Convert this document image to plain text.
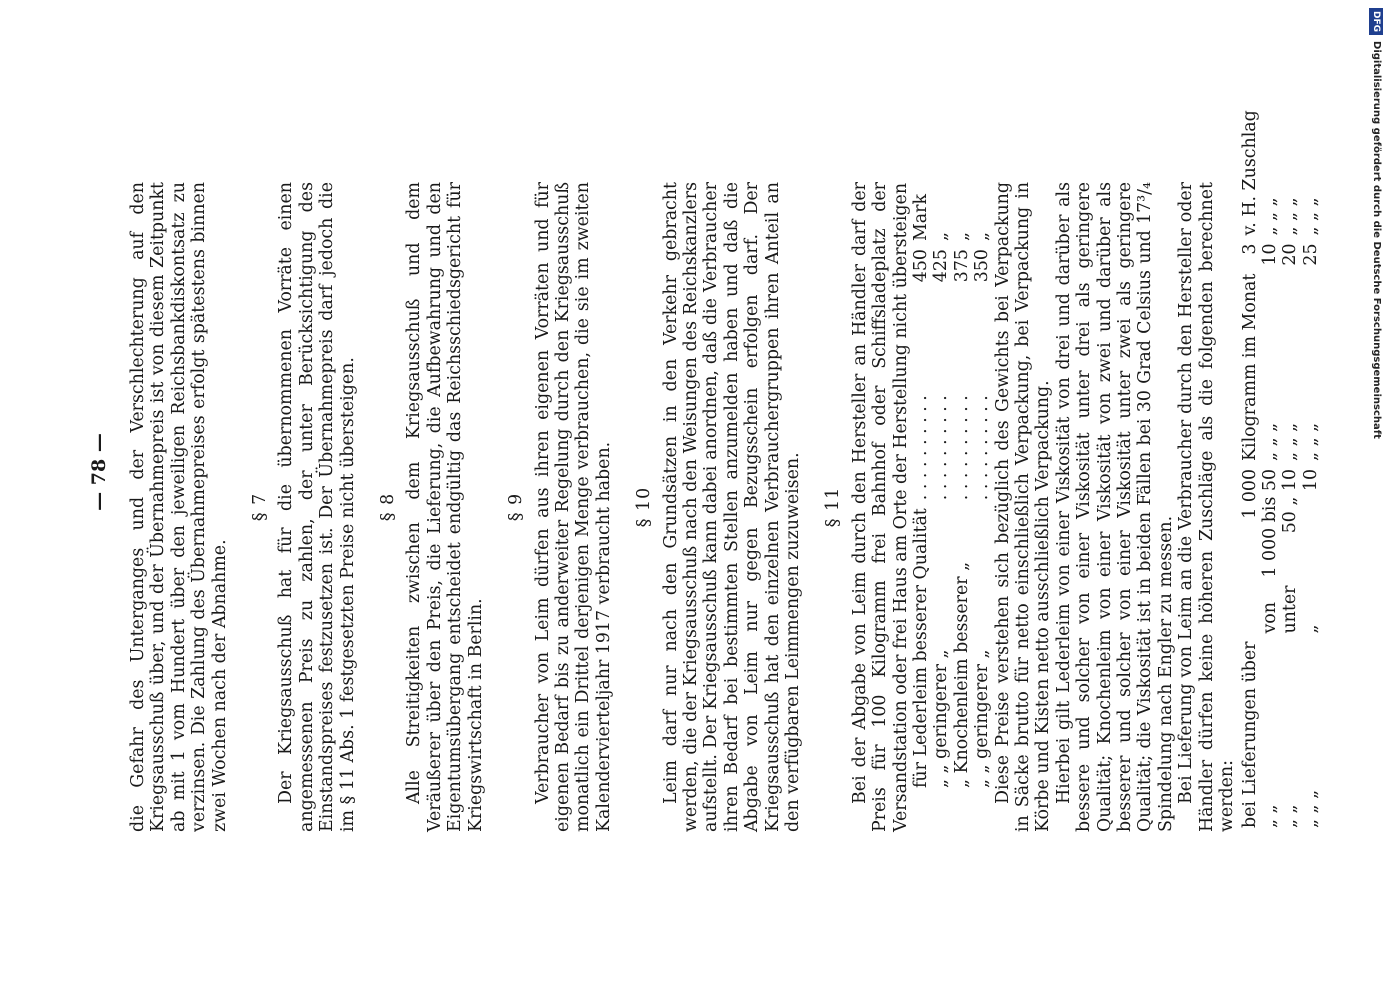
— 78 — die Gefahr des Unterganges und der Verschlechterung auf den Kriegsausschuß über, und der Übernahmepreis ist von diesem Zeitpunkt ab mit 1 vom Hundert über den jeweiligen Reichsbankdiskontsatz zu verzinsen. Die Zahlung des Übernahmepreises erfolgt spätestens binnen zwei Wochen nach der Abnahme.

§ 7 Der Kriegsausschuß hat für die übernommenen Vorräte einen angemessenen Preis zu zahlen, der unter Berücksichtigung des Einstandspreises festzusetzen ist. Der Übernahmepreis darf jedoch die im § 11 Abs. 1 festgesetzten Preise nicht übersteigen. § 8 Alle Streitigkeiten zwischen dem Kriegsausschuß und dem Veräußerer über den Preis, die Lieferung, die Aufbewahrung und den Eigentumsübergang entscheidet endgültig das Reichsschiedsgericht für Kriegswirtschaft in Berlin.

§ 9 Verbraucher von Leim dürfen aus ihren eigenen Vorräten und für eigenen Bedarf bis zu anderweiter Regelung durch den Kriegsausschuß monatlich ein Drittel derjenigen Menge verbrauchen, die sie im zweiten Kalendervierteljahr 1917 verbraucht haben. § 10 Leim darf nur nach den Grundsätzen in den Verkehr gebracht werden, die der Kriegsausschuß nach den Weisungen des Reichskanzlers aufstellt. Der Kriegsausschuß kann dabei anordnen, daß die Verbraucher ihren Bedarf bei bestimmten Stellen anzumelden haben und daß die Abgabe von Leim nur gegen Bezugsschein erfolgen darf. Der Kriegsausschuß hat den einzelnen Verbrauchergruppen ihren Anteil an den verfügbaren Leimmengen zuzuweisen. § 11 Bei der Abgabe von Leim durch den Hersteller an Händler darf der Preis für 100 Kilogramm frei Bahnhof oder Schiffsladeplatz der Versandstation oder frei Haus am Orte der Herstellung nicht übersteigen für Lederleim besserer Qualität	. . . . . . . . . .	450	Mark
„ „ geringerer „	. . . . . . . . . .	425	„
„ Knochenleim besserer „	. . . . . . . . . .	375	„
„ „ geringerer „	. . . . . . . . . .	350	„ Diese Preise verstehen sich bezüglich des Gewichts bei Verpackung in Säcke brutto für netto einschließlich Verpackung, bei Verpackung in Körbe und Kisten netto ausschließlich Verpackung. Hierbei gilt Lederleim von einer Viskosität von drei und darüber als bessere und solcher von einer Viskosität unter drei als geringere Qualität; Knochenleim von einer Viskosität von zwei und darüber als besserer und solcher von einer Viskosität unter zwei als geringere Qualität; die Viskosität ist in beiden Fällen bei 30 Grad Celsius und 17³/₄ Spindelung nach Engler zu messen. Bei Lieferung von Leim an die Verbraucher durch den Hersteller oder Händler dürfen keine höheren Zuschläge als die folgenden berechnet werden: bei Lieferungen über		1 000	Kilogramm im Monat	3	v. H. Zuschlag
„ „	von	1 000 bis 50	„ „ „	10	„ „ „
„ „	unter	50 „ 10	„ „ „	20	„ „ „
„ „ „	„	10	„ „ „	25	„ „ „
DFGDigitalisierung gefördert durch die Deutsche Forschungsgemeinschaft
